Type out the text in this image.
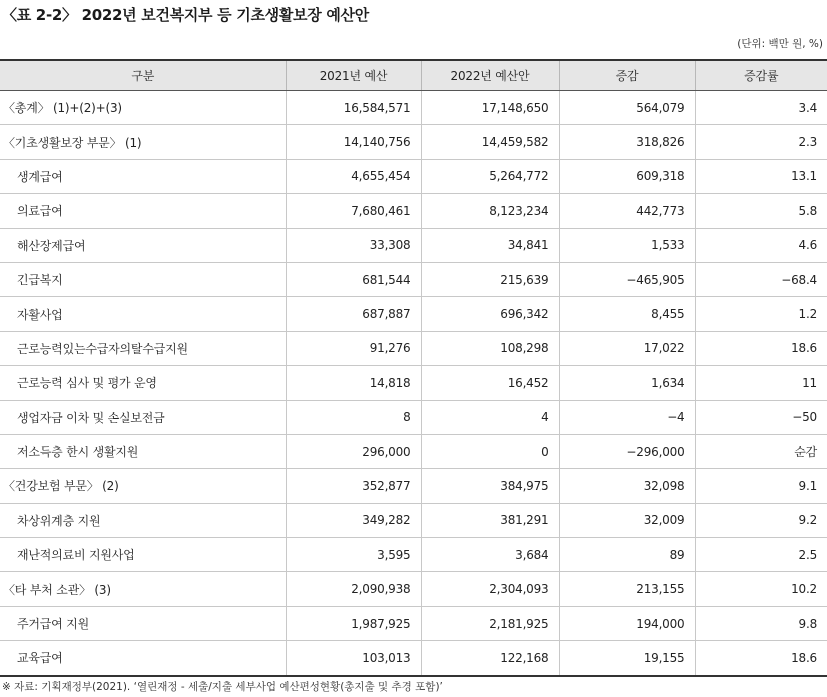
〈표 2-2〉 2022년 보건복지부 등 기초생활보장 예산안
(단위: 백만 원, %)
구분	2021년 예산	2022년 예산안	증감	증감률
〈총계〉 (1)+(2)+(3)	16,584,571	17,148,650	564,079	3.4
〈기초생활보장 부문〉 (1)	14,140,756	14,459,582	318,826	2.3
생계급여	4,655,454	5,264,772	609,318	13.1
의료급여	7,680,461	8,123,234	442,773	5.8
해산장제급여	33,308	34,841	1,533	4.6
긴급복지	681,544	215,639	−465,905	−68.4
자활사업	687,887	696,342	8,455	1.2
근로능력있는수급자의탈수급지원	91,276	108,298	17,022	18.6
근로능력 심사 및 평가 운영	14,818	16,452	1,634	11
생업자금 이차 및 손실보전금	8	4	−4	−50
저소득층 한시 생활지원	296,000	0	−296,000	순감
〈건강보험 부문〉 (2)	352,877	384,975	32,098	9.1
차상위계층 지원	349,282	381,291	32,009	9.2
재난적의료비 지원사업	3,595	3,684	89	2.5
〈타 부처 소관〉 (3)	2,090,938	2,304,093	213,155	10.2
주거급여 지원	1,987,925	2,181,925	194,000	9.8
교육급여	103,013	122,168	19,155	18.6
※ 자료: 기획재정부(2021). ‘열린재정 - 세출/지출 세부사업 예산편성현황(총지출 및 추경 포함)’
